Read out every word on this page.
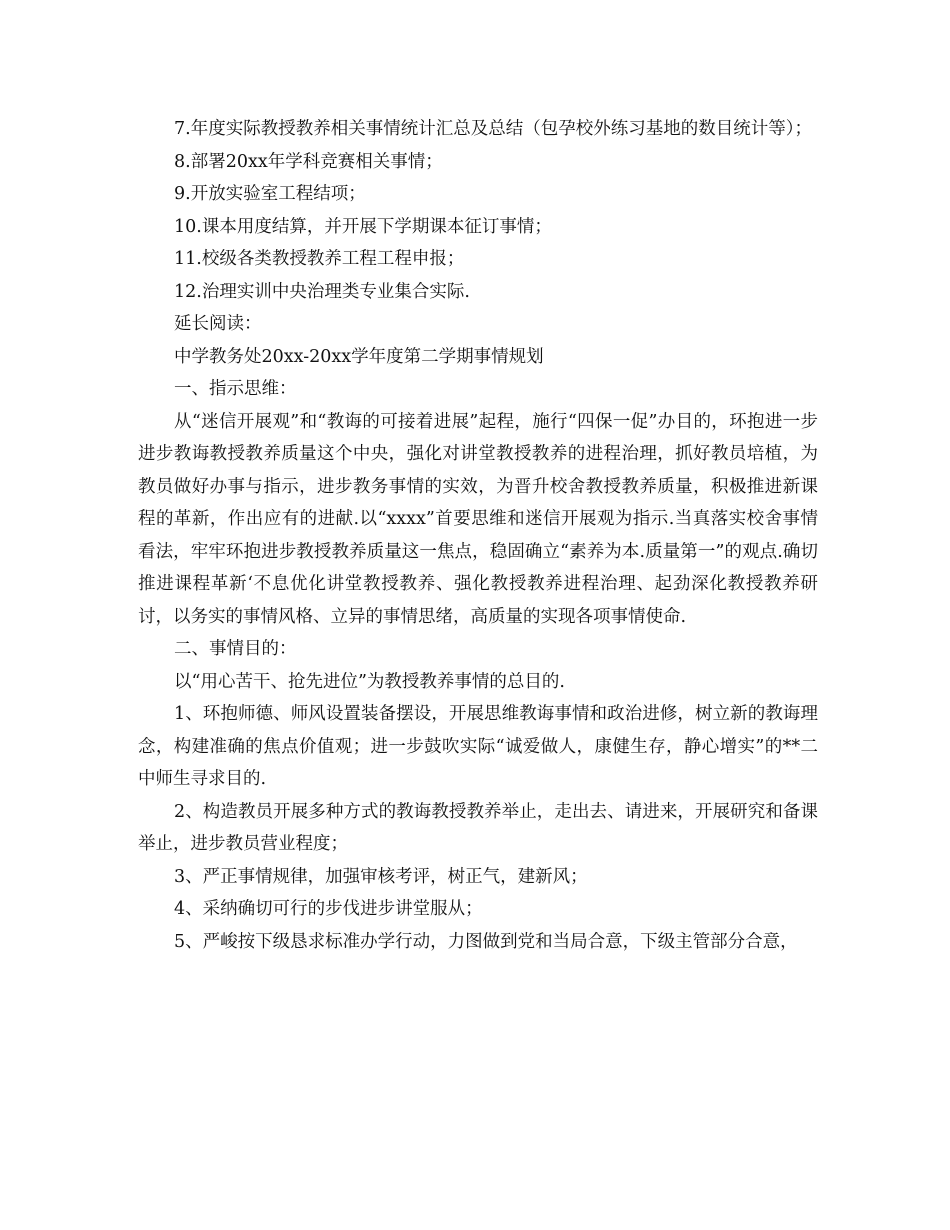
7.年度实际教授教养相关事情统计汇总及总结（包孕校外练习基地的数目统计等）；

8.部署20xx年学科竞赛相关事情；

9.开放实验室工程结项；

10.课本用度结算，并开展下学期课本征订事情；

11.校级各类教授教养工程工程申报；

12.治理实训中央治理类专业集合实际.

延长阅读：

中学教务处20xx-20xx学年度第二学期事情规划

一、指示思维：

从“迷信开展观”和“教诲的可接着进展”起程，施行“四保一促”办目的，环抱进一步进步教诲教授教养质量这个中央，强化对讲堂教授教养的进程治理，抓好教员培植，为教员做好办事与指示，进步教务事情的实效，为晋升校舍教授教养质量，积极推进新课程的革新，作出应有的进献.以“xxxx”首要思维和迷信开展观为指示.当真落实校舍事情看法，牢牢环抱进步教授教养质量这一焦点，稳固确立“素养为本.质量第一”的观点.确切推进课程革新‘不息优化讲堂教授教养、强化教授教养进程治理、起劲深化教授教养研讨，以务实的事情风格、立异的事情思绪，高质量的实现各项事情使命.

二、事情目的：

以“用心苦干、抢先进位”为教授教养事情的总目的.

1、环抱师德、师风设置装备摆设，开展思维教诲事情和政治进修，树立新的教诲理念，构建准确的焦点价值观；进一步鼓吹实际“诚爱做人，康健生存，静心增实”的**二中师生寻求目的.

2、构造教员开展多种方式的教诲教授教养举止，走出去、请进来，开展研究和备课举止，进步教员营业程度；

3、严正事情规律，加强审核考评，树正气，建新风；

4、采纳确切可行的步伐进步讲堂服从；

5、严峻按下级恳求标准办学行动，力图做到党和当局合意，下级主管部分合意，
